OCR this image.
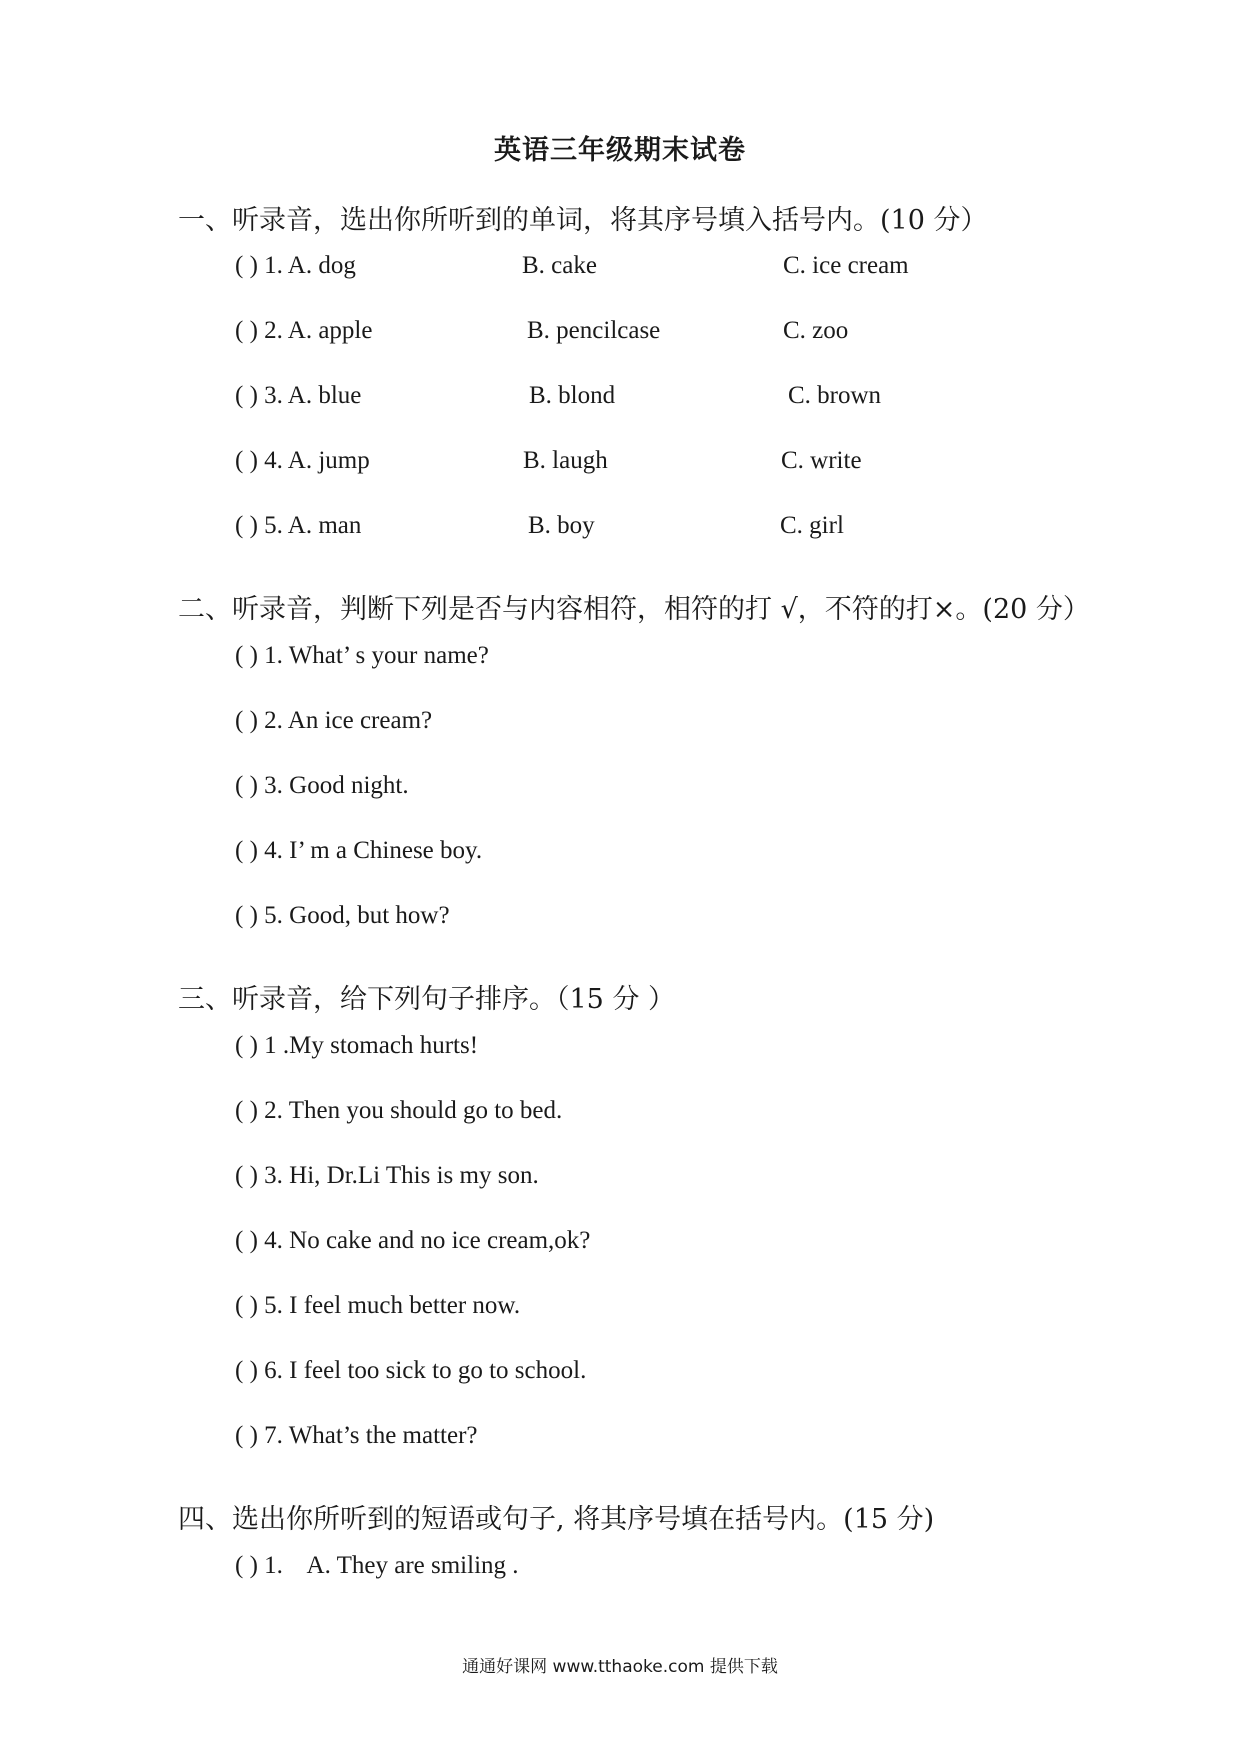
英语三年级期末试卷
一、听录音，选出你所听到的单词，将其序号填入括号内。(10 分）
( ) 1. A. dog	B. cake	C. ice cream
( ) 2. A. apple	B. pencilcase	C. zoo
( ) 3. A. blue	B. blond	C. brown
( ) 4. A. jump	B. laugh	C. write
( ) 5. A. man	B. boy	C. girl
二、听录音，判断下列是否与内容相符，相符的打 √，不符的打×。(20 分）
( ) 1. What’ s your name?
( ) 2. An ice cream?
( ) 3. Good night.
( ) 4. I’ m a Chinese boy.
( ) 5. Good, but how?
三、听录音，给下列句子排序。（15 分 ）
( ) 1 .My stomach hurts!
( ) 2. Then you should go to bed.
( ) 3. Hi, Dr.Li This is my son.
( ) 4. No cake and no ice cream,ok?
( ) 5. I feel much better now.
( ) 6. I feel too sick to go to school.
( ) 7. What’s the matter?
四、选出你所听到的短语或句子, 将其序号填在括号内。(15 分)
( ) 1.    A. They are smiling .
通通好课网 www.tthaoke.com 提供下载
